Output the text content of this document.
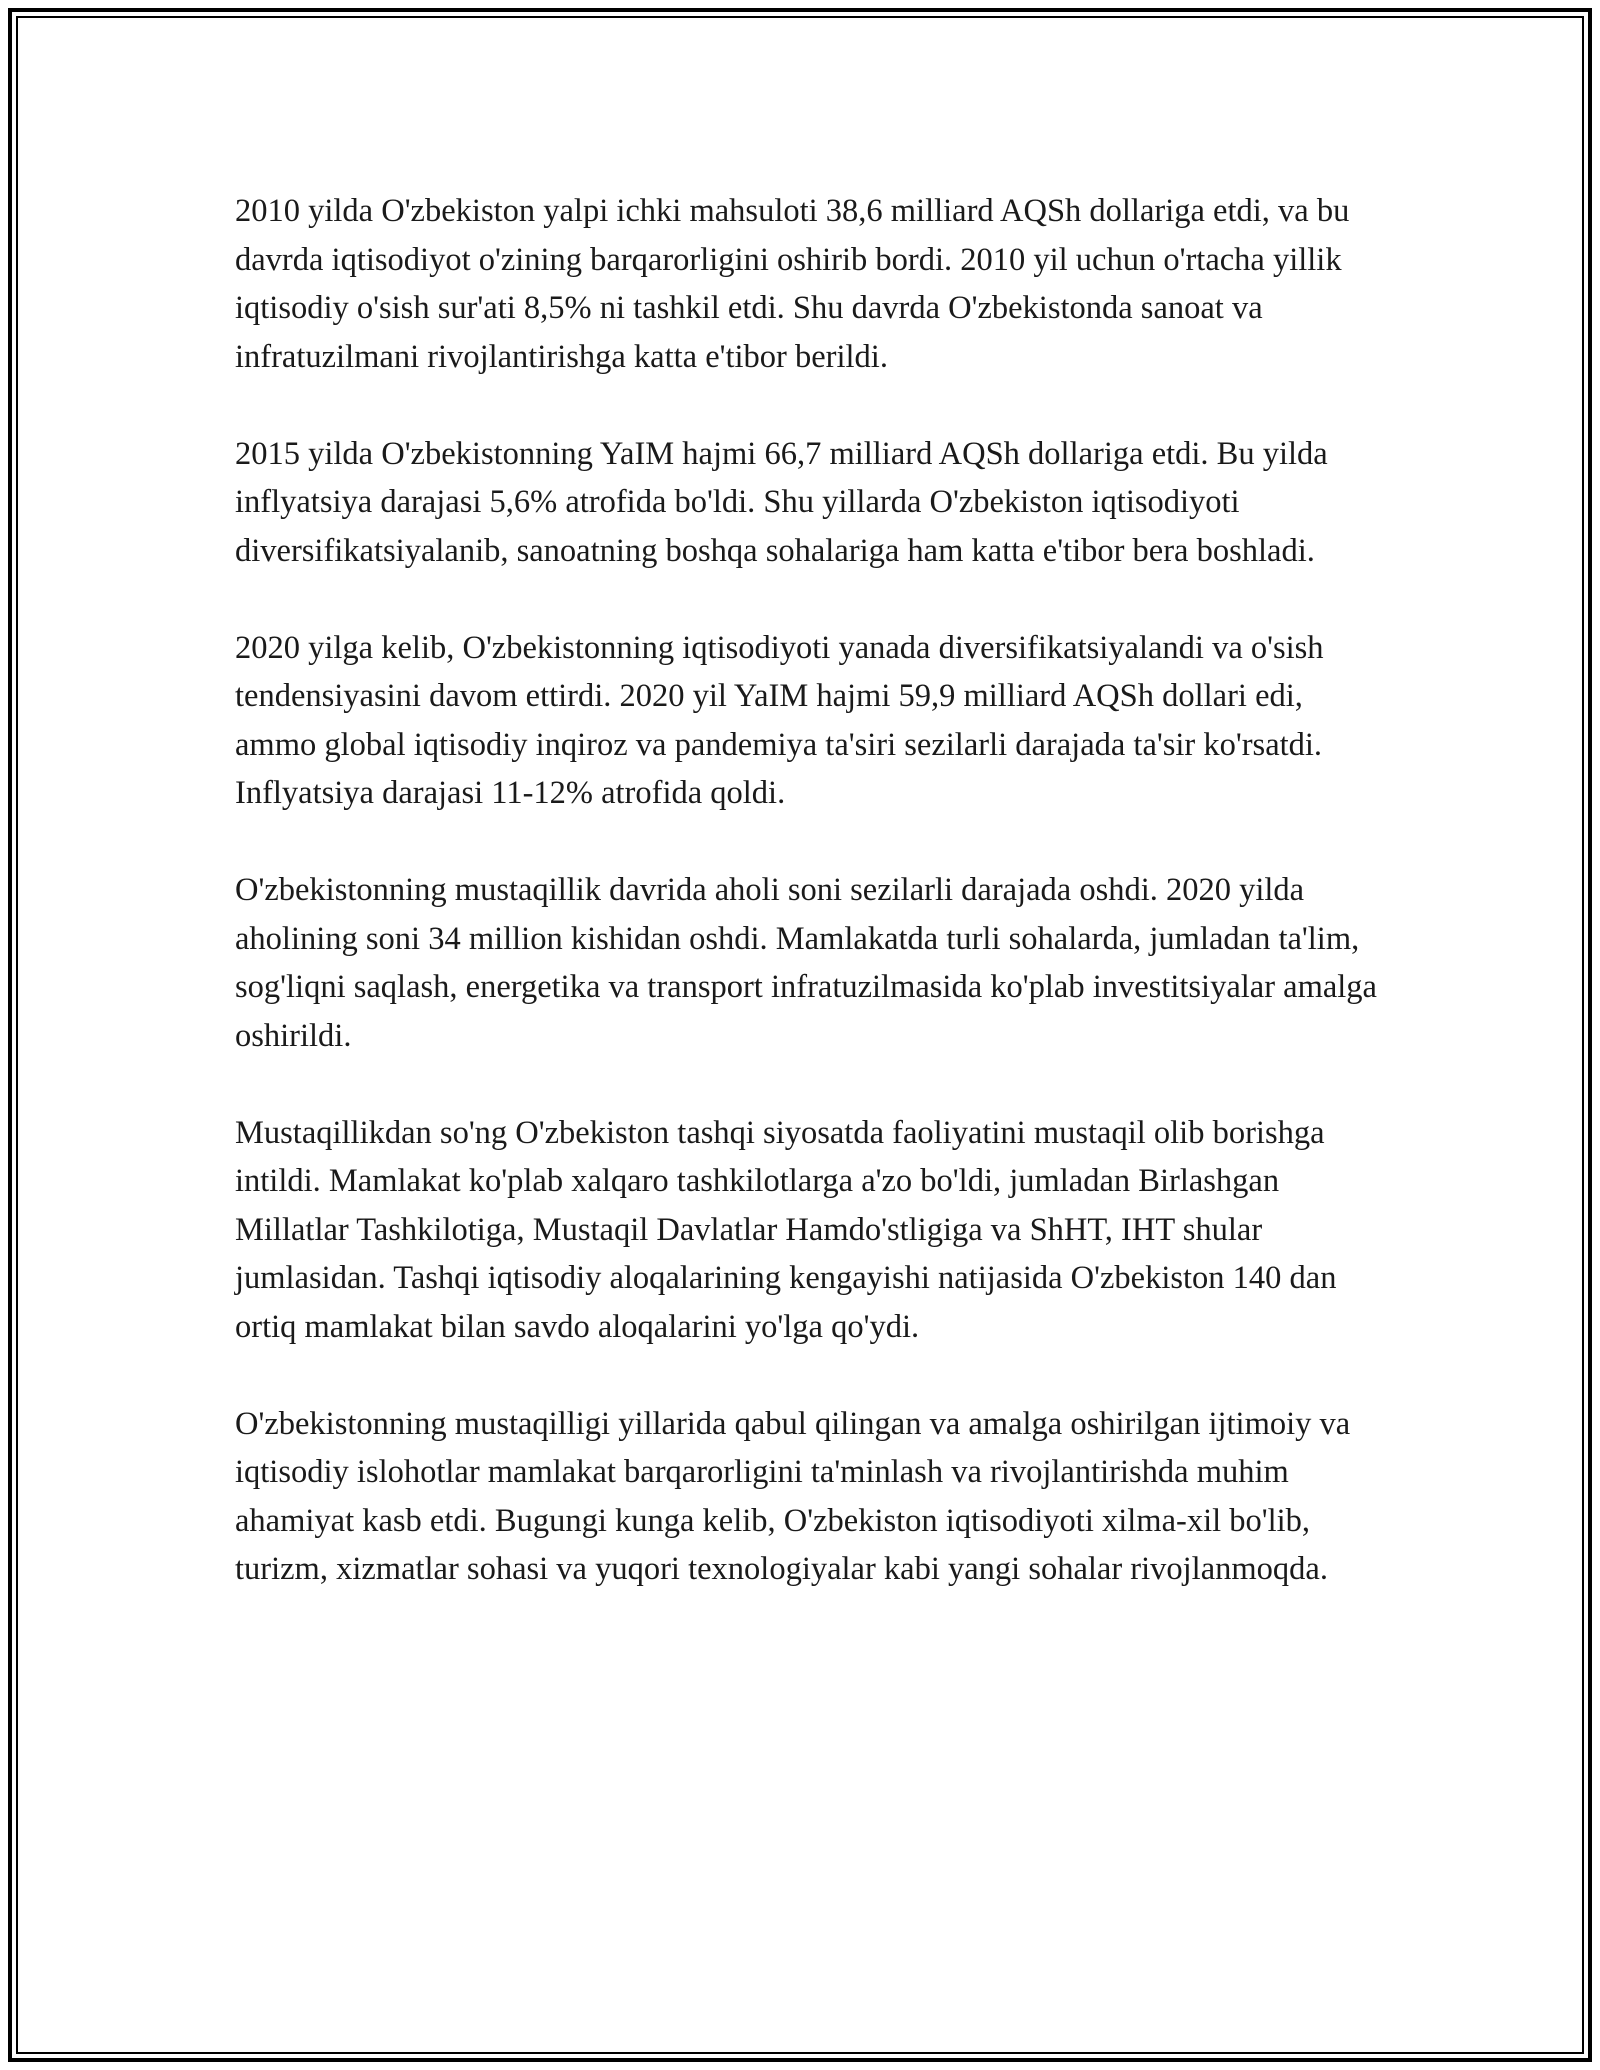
2010 yilda O'zbekiston yalpi ichki mahsuloti 38,6 milliard AQSh dollariga etdi, va bu davrda iqtisodiyot o'zining barqarorligini oshirib bordi. 2010 yil uchun o'rtacha yillik iqtisodiy o'sish sur'ati 8,5% ni tashkil etdi. Shu davrda O'zbekistonda sanoat va infratuzilmani rivojlantirishga katta e'tibor berildi.

2015 yilda O'zbekistonning YaIM hajmi 66,7 milliard AQSh dollariga etdi. Bu yilda inflyatsiya darajasi 5,6% atrofida bo'ldi. Shu yillarda O'zbekiston iqtisodiyoti diversifikatsiyalanib, sanoatning boshqa sohalariga ham katta e'tibor bera boshladi.

2020 yilga kelib, O'zbekistonning iqtisodiyoti yanada diversifikatsiyalandi va o'sish tendensiyasini davom ettirdi. 2020 yil YaIM hajmi 59,9 milliard AQSh dollari edi, ammo global iqtisodiy inqiroz va pandemiya ta'siri sezilarli darajada ta'sir ko'rsatdi. Inflyatsiya darajasi 11-12% atrofida qoldi.

O'zbekistonning mustaqillik davrida aholi soni sezilarli darajada oshdi. 2020 yilda aholining soni 34 million kishidan oshdi. Mamlakatda turli sohalarda, jumladan ta'lim, sog'liqni saqlash, energetika va transport infratuzilmasida ko'plab investitsiyalar amalga oshirildi.

Mustaqillikdan so'ng O'zbekiston tashqi siyosatda faoliyatini mustaqil olib borishga intildi. Mamlakat ko'plab xalqaro tashkilotlarga a'zo bo'ldi, jumladan Birlashgan Millatlar Tashkilotiga, Mustaqil Davlatlar Hamdo'stligiga va ShHT, IHT shular jumlasidan. Tashqi iqtisodiy aloqalarining kengayishi natijasida O'zbekiston 140 dan ortiq mamlakat bilan savdo aloqalarini yo'lga qo'ydi.

O'zbekistonning mustaqilligi yillarida qabul qilingan va amalga oshirilgan ijtimoiy va iqtisodiy islohotlar mamlakat barqarorligini ta'minlash va rivojlantirishda muhim ahamiyat kasb etdi. Bugungi kunga kelib, O'zbekiston iqtisodiyoti xilma-xil bo'lib, turizm, xizmatlar sohasi va yuqori texnologiyalar kabi yangi sohalar rivojlanmoqda.
